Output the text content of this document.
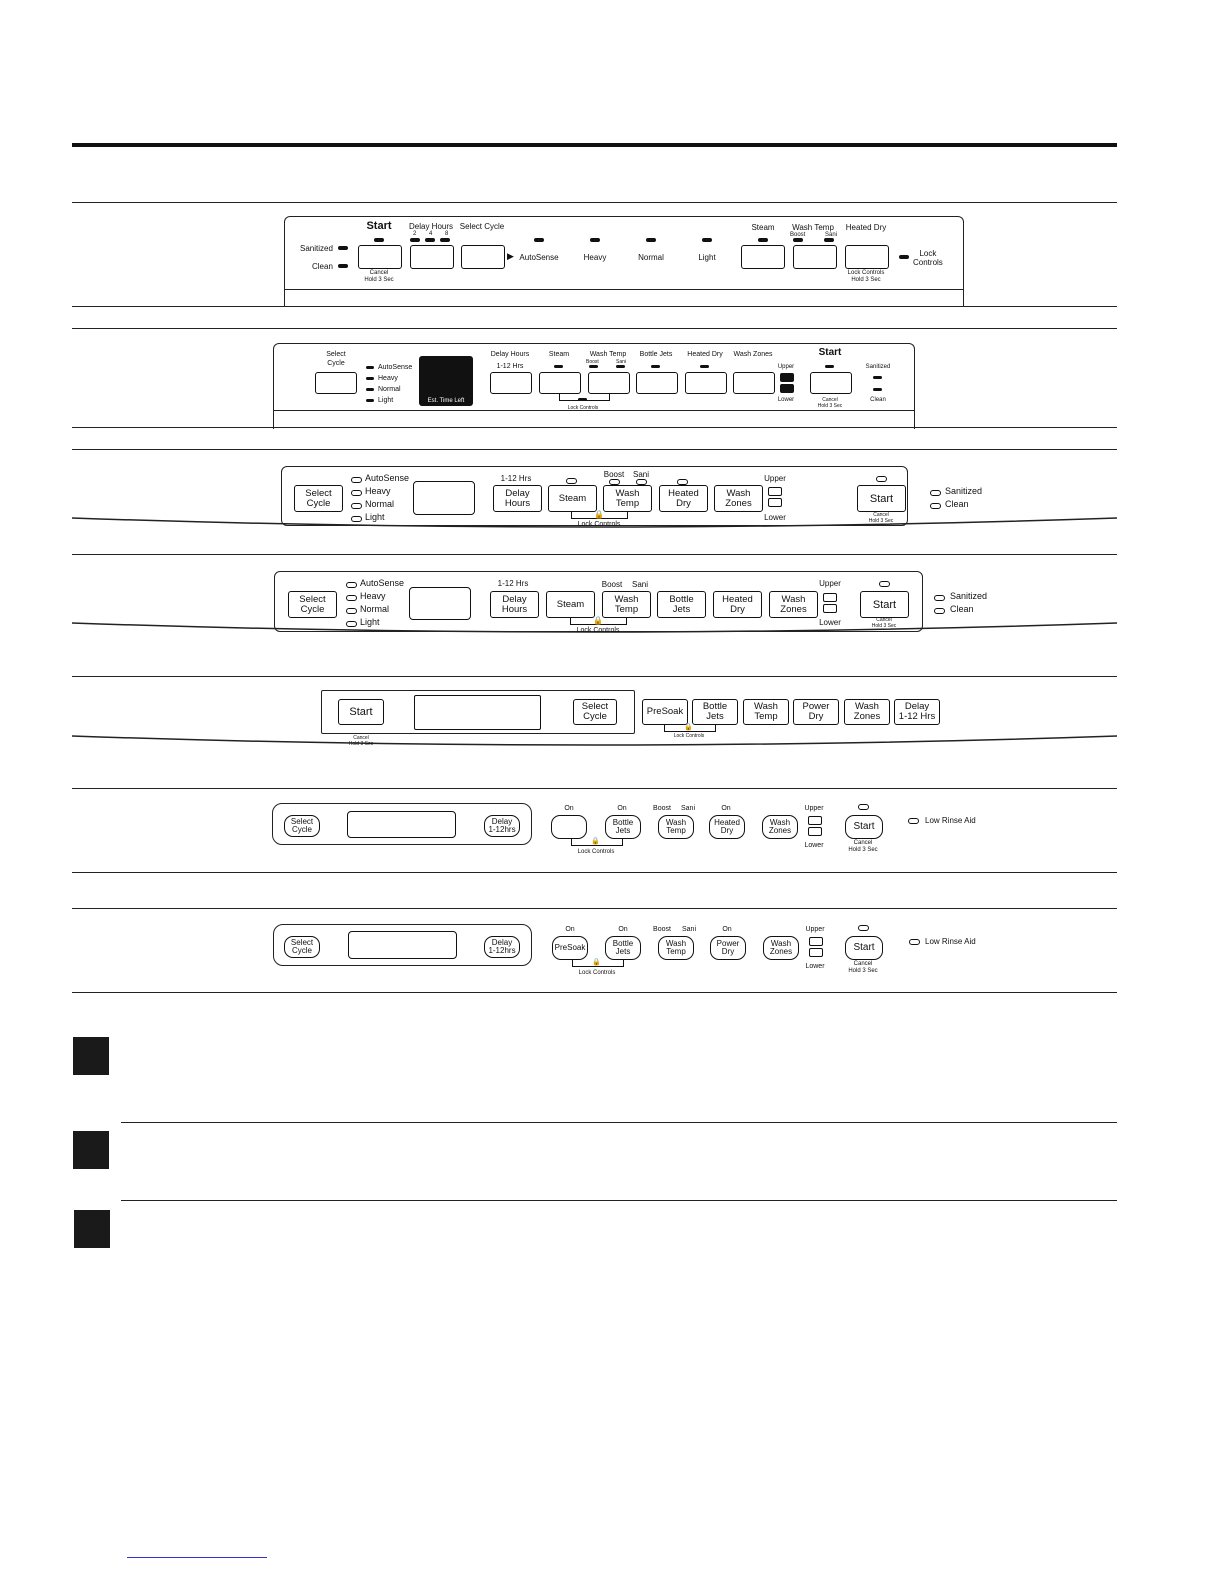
Sanitized
Clean
Start
Cancel
Hold 3 Sec
Delay Hours
2 4 8
Select Cycle
▶ AutoSense	Heavy	Normal	Light
Steam Wash Temp
Boost	Sani
Heated Dry
Lock Controls
Hold 3 Sec
Lock
Controls
Select
Cycle
AutoSense
Heavy
Normal
Light	Est. Time Left
Delay Hours
1-12 Hrs
Steam	Wash Temp
Boost	Sani
Lock Controls
Bottle Jets Heated Dry Wash Zones
Upper
Lower
Start
Cancel
Hold 3 Sec
Sanitized
Clean
Select
Cycle
AutoSense
Heavy
Normal
Light
1-12 Hrs
Delay
Hours	Steam
Boost Sani
Wash
Temp
🔒
Lock Controls
Heated
Dry
Wash
Zones
Upper
Lower
Start
Cancel
Hold 3 Sec
Sanitized
Clean
Select
Cycle
AutoSense
Heavy
Normal
Light
1-12 Hrs
Delay
Hours	Steam
Boost Sani
Wash
Temp
🔒
Lock Controls
Bottle
Jets
Heated
Dry
Wash
Zones
Upper
Lower
Start
Cancel
Hold 3 Sec
Sanitized
Clean
Start
Cancel
Hold 3 Sec
Select
Cycle	PreSoak	Bottle
Jets
🔒
Lock Controls
Wash
Temp
Power
Dry
Wash
Zones
Delay
1-12 Hrs
Select
Cycle
Delay
1-12hrs
On	On
Bottle
Jets
🔒
Lock Controls
Boost Sani
Wash
Temp
On
Heated
Dry
Wash
Zones
Upper
Lower
Start
Cancel
Hold 3 Sec
Low Rinse Aid
Select
Cycle
Delay
1-12hrs
On
PreSoak
On
Bottle
Jets
🔒
Lock Controls
Boost Sani
Wash
Temp
On
Power
Dry
Wash
Zones
Upper
Lower
Start
Cancel
Hold 3 Sec
Low Rinse Aid
